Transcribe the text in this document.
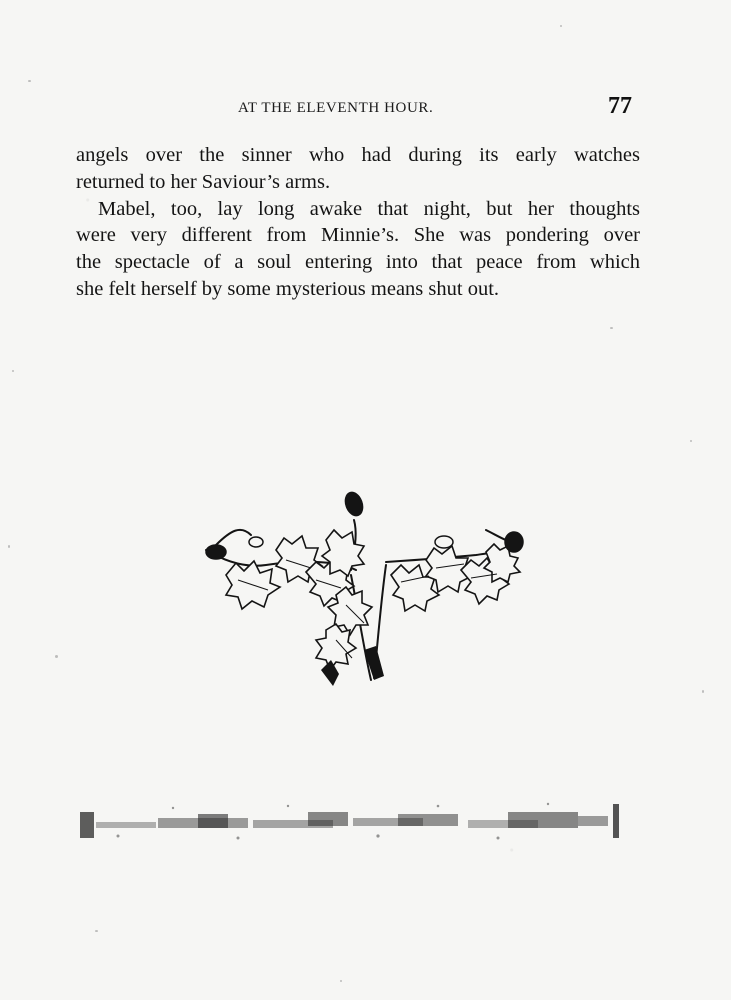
AT THE ELEVENTH HOUR.	77
angels over the sinner who had during its early watches
returned to her Saviour’s arms.
Mabel, too, lay long awake that night, but her thoughts
were very different from Minnie’s. She was pondering over
the spectacle of a soul entering into that peace from which
she felt herself by some mysterious means shut out.
